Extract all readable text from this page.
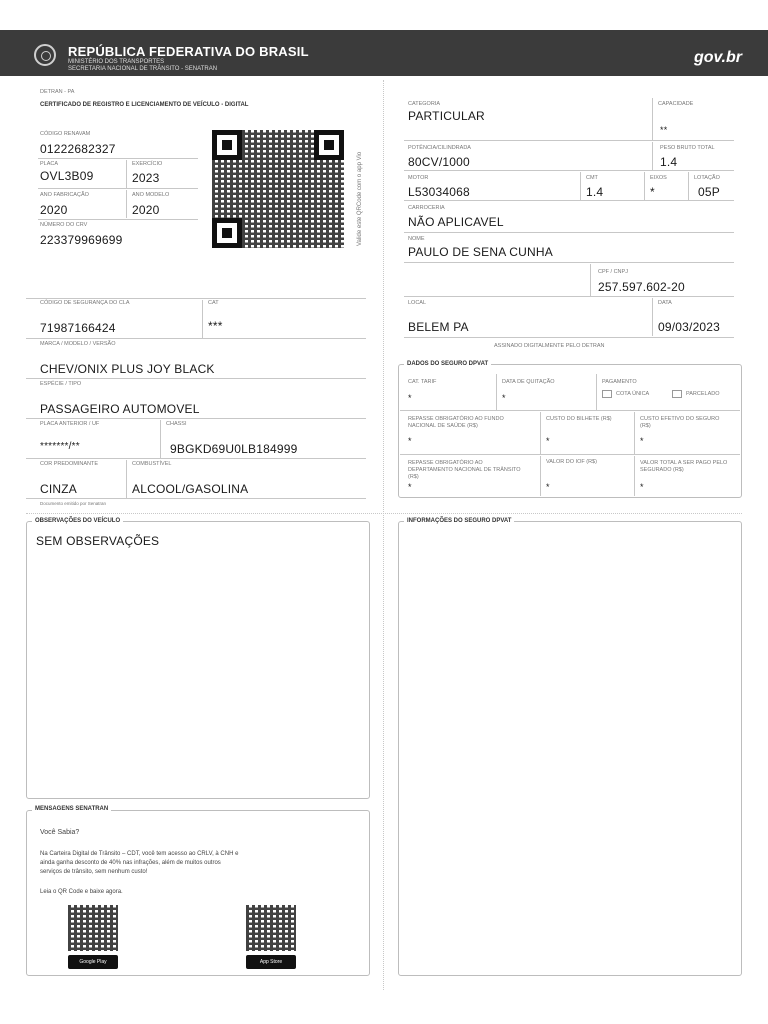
REPÚBLICA FEDERATIVA DO BRASIL
MINISTÉRIO DOS TRANSPORTES
SECRETARIA NACIONAL DE TRÂNSITO - SENATRAN
gov.br
DETRAN - PA
CERTIFICADO DE REGISTRO E LICENCIAMENTO DE VEÍCULO - DIGITAL
CÓDIGO RENAVAM
01222682327
PLACA
OVL3B09
EXERCÍCIO
2023
ANO FABRICAÇÃO
2020
ANO MODELO
2020
NÚMERO DO CRV
223379969699	Valide este QRCode com o app Vio
CÓDIGO DE SEGURANÇA DO CLA
71987166424
CAT
***
MARCA / MODELO / VERSÃO
CHEV/ONIX PLUS JOY BLACK
ESPÉCIE / TIPO
PASSAGEIRO AUTOMOVEL
PLACA ANTERIOR / UF
*******/**
CHASSI
9BGKD69U0LB184999
COR PREDOMINANTE
CINZA
COMBUSTÍVEL
ALCOOL/GASOLINA
Documento emitido por Senatran
CATEGORIA
PARTICULAR
CAPACIDADE
**
POTÊNCIA/CILINDRADA
80CV/1000
PESO BRUTO TOTAL
1.4
MOTOR
L53034068
CMT
1.4
EIXOS
*
LOTAÇÃO
05P
CARROCERIA
NÃO APLICAVEL
NOME
PAULO DE SENA CUNHA
CPF / CNPJ
257.597.602-20
LOCAL
BELEM PA
DATA
09/03/2023
ASSINADO DIGITALMENTE PELO DETRAN
DADOS DO SEGURO DPVAT
CAT. TARIF
*
DATA DE QUITAÇÃO
*
PAGAMENTO
COTA ÚNICA	PARCELADO
REPASSE OBRIGATÓRIO AO FUNDO NACIONAL DE SAÚDE (R$)
*
CUSTO DO BILHETE (R$)
*
CUSTO EFETIVO DO SEGURO (R$)
*
REPASSE OBRIGATÓRIO AO DEPARTAMENTO NACIONAL DE TRÂNSITO (R$)
*
VALOR DO IOF (R$)
*
VALOR TOTAL A SER PAGO PELO SEGURADO (R$)
*
OBSERVAÇÕES DO VEÍCULO
SEM OBSERVAÇÕES
INFORMAÇÕES DO SEGURO DPVAT
MENSAGENS SENATRAN
Você Sabia?
Na Carteira Digital de Trânsito – CDT, você tem acesso ao CRLV, à CNH e
ainda ganha desconto de 40% nas infrações, além de muitos outros
serviços de trânsito, sem nenhum custo!
Leia o QR Code e baixe agora.
Google Play	App Store
